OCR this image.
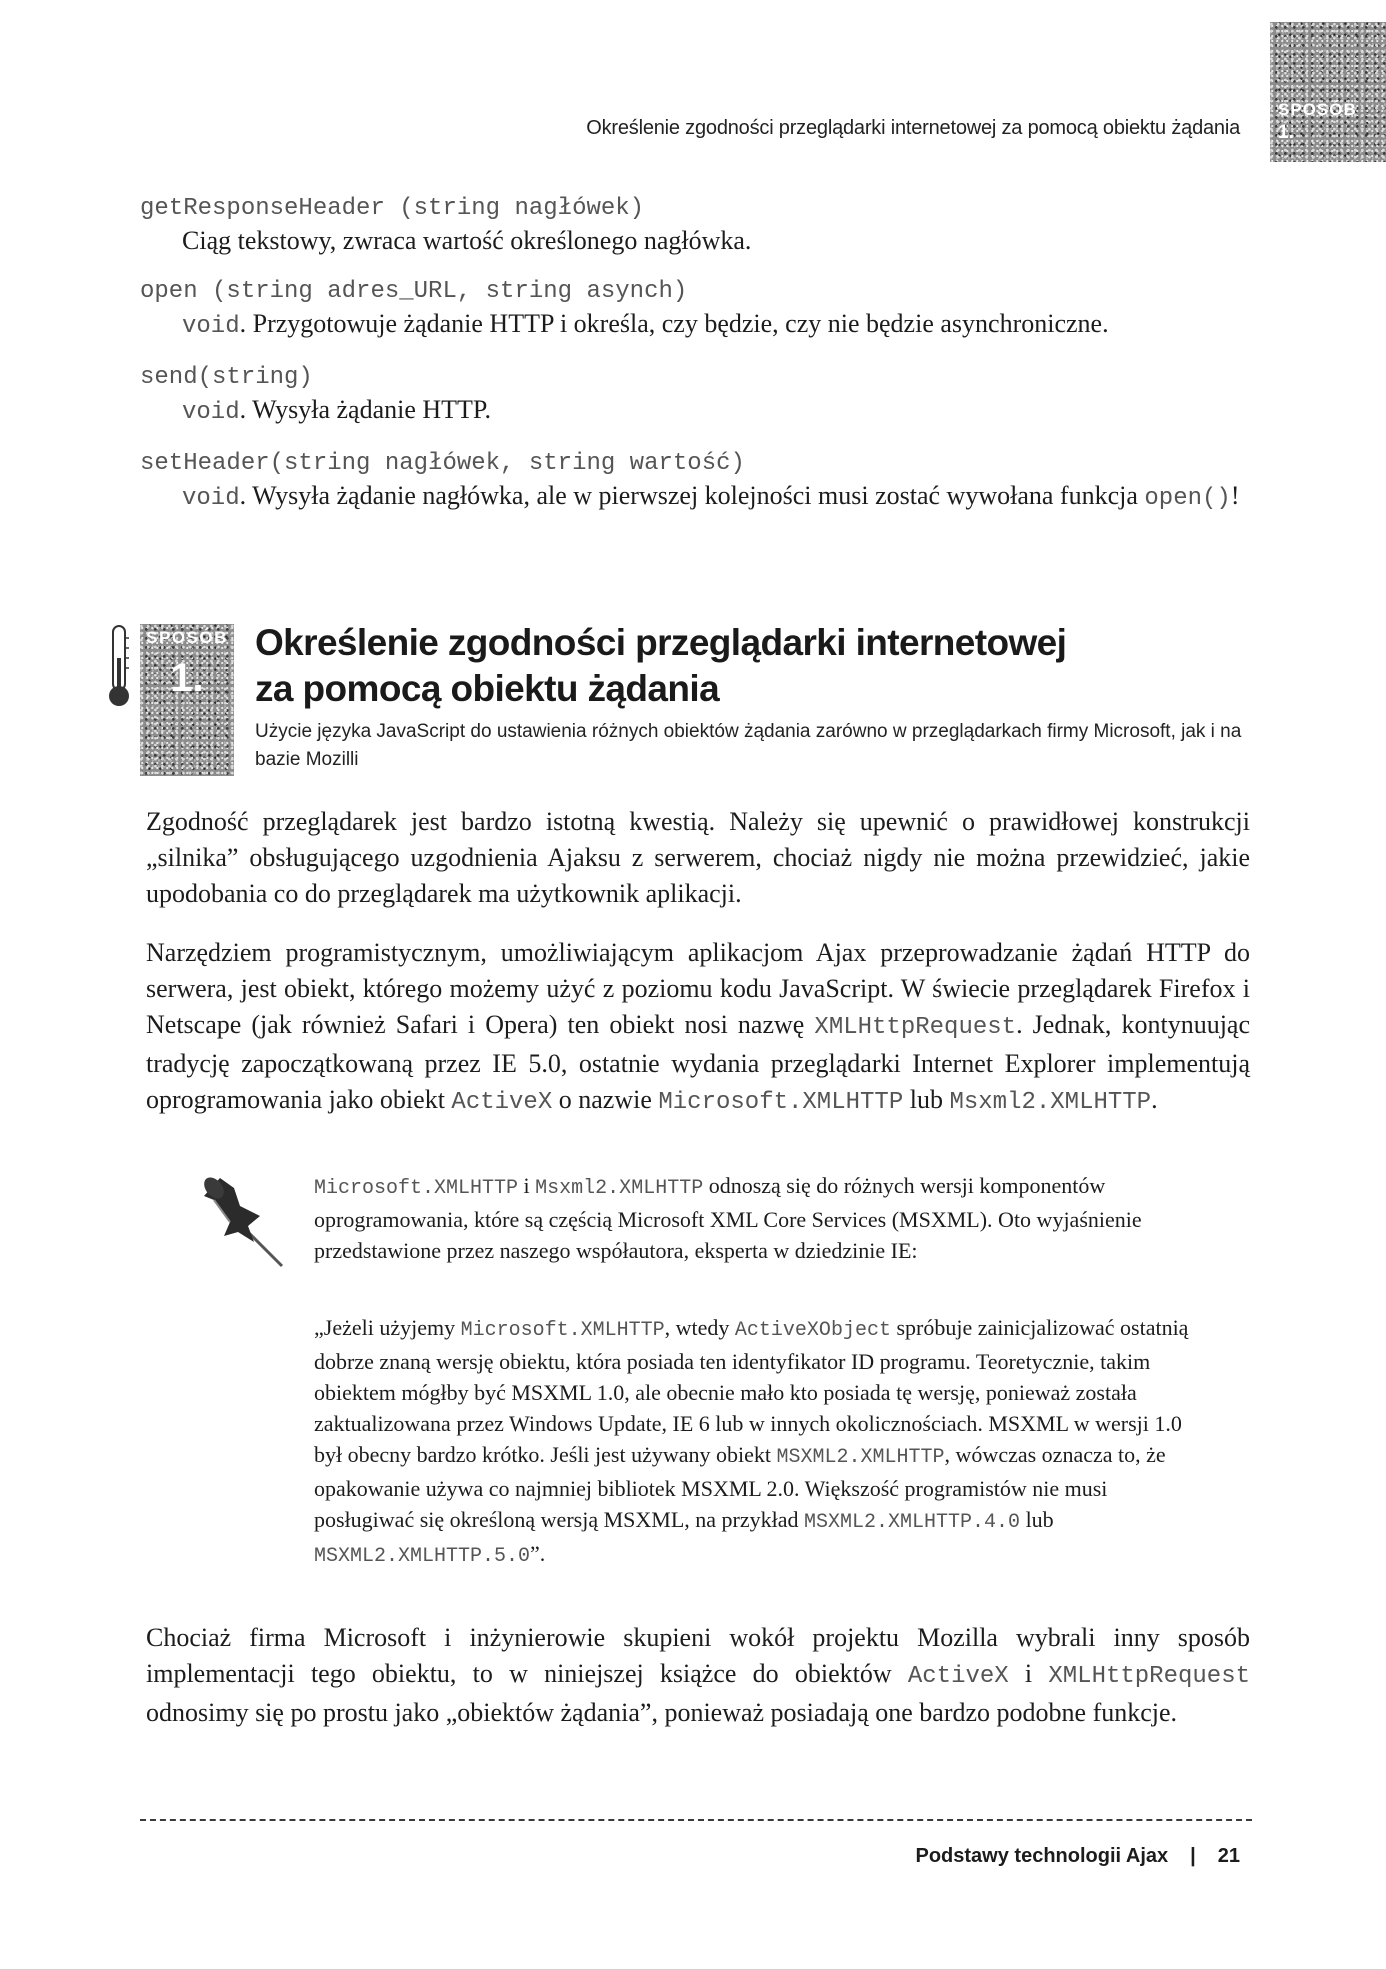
Określenie zgodności przeglądarki internetowej za pomocą obiektu żądania
SPOSÓB
1.
getResponseHeader (string nagłówek)
Ciąg tekstowy, zwraca wartość określonego nagłówka.
open (string adres_URL, string asynch)
void. Przygotowuje żądanie HTTP i określa, czy będzie, czy nie będzie asynchroniczne.
send(string)
void. Wysyła żądanie HTTP.
setHeader(string nagłówek, string wartość)
void. Wysyła żądanie nagłówka, ale w pierwszej kolejności musi zostać wywołana funkcja open()!
SPOSÓB
1.
Określenie zgodności przeglądarki internetowej
za pomocą obiektu żądania
Użycie języka JavaScript do ustawienia różnych obiektów żądania zarówno w przeglądarkach firmy Microsoft, jak i na bazie Mozilli

Zgodność przeglądarek jest bardzo istotną kwestią. Należy się upewnić o prawidłowej konstrukcji „silnika” obsługującego uzgodnienia Ajaksu z serwerem, chociaż nigdy nie można przewidzieć, jakie upodobania co do przeglądarek ma użytkownik aplikacji.

Narzędziem programistycznym, umożliwiającym aplikacjom Ajax przeprowadzanie żądań HTTP do serwera, jest obiekt, którego możemy użyć z poziomu kodu JavaScript. W świecie przeglądarek Firefox i Netscape (jak również Safari i Opera) ten obiekt nosi nazwę XMLHttpRequest. Jednak, kontynuując tradycję zapoczątkowaną przez IE 5.0, ostatnie wydania przeglądarki Internet Explorer implementują oprogramowania jako obiekt ActiveX o nazwie Microsoft.XMLHTTP lub Msxml2.XMLHTTP.

Microsoft.XMLHTTP i Msxml2.XMLHTTP odnoszą się do różnych wersji komponentów oprogramowania, które są częścią Microsoft XML Core Services (MSXML). Oto wyjaśnienie przedstawione przez naszego współautora, eksperta w dziedzinie IE:

„Jeżeli użyjemy Microsoft.XMLHTTP, wtedy ActiveXObject spróbuje zainicjalizować ostatnią dobrze znaną wersję obiektu, która posiada ten identyfikator ID programu. Teoretycznie, takim obiektem mógłby być MSXML 1.0, ale obecnie mało kto posiada tę wersję, ponieważ została zaktualizowana przez Windows Update, IE 6 lub w innych okolicznościach. MSXML w wersji 1.0 był obecny bardzo krótko. Jeśli jest używany obiekt MSXML2.XMLHTTP, wówczas oznacza to, że opakowanie używa co najmniej bibliotek MSXML 2.0. Większość programistów nie musi posługiwać się określoną wersją MSXML, na przykład MSXML2.XMLHTTP.4.0 lub MSXML2.XMLHTTP.5.0”.

Chociaż firma Microsoft i inżynierowie skupieni wokół projektu Mozilla wybrali inny sposób implementacji tego obiektu, to w niniejszej książce do obiektów ActiveX i XMLHttpRequest odnosimy się po prostu jako „obiektów żądania”, ponieważ posiadają one bardzo podobne funkcje.

Podstawy technologii Ajax | 21
